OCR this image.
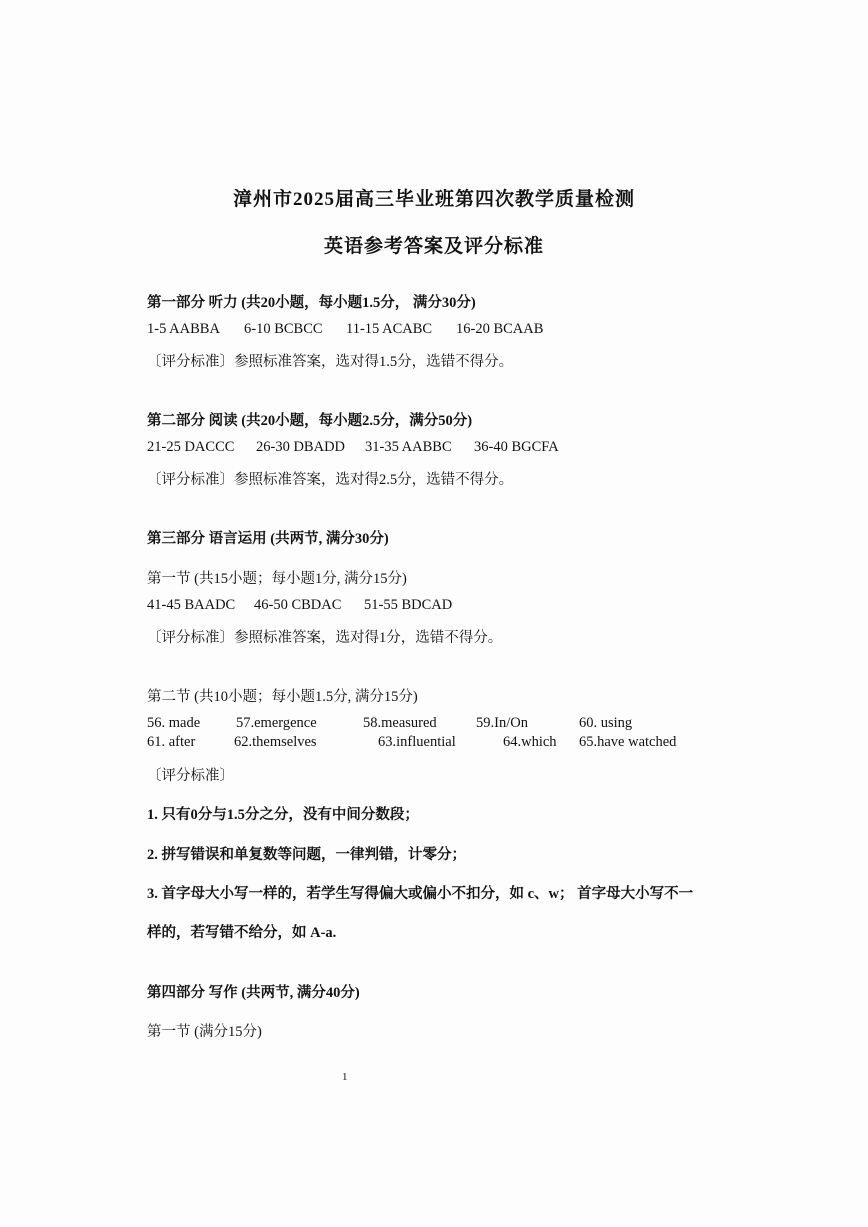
漳州市2025届高三毕业班第四次教学质量检测
英语参考答案及评分标准
第一部分 听力 (共20小题，每小题1.5分， 满分30分)
1-5 AABBA 6-10 BCBCC 11-15 ACABC 16-20 BCAAB
〔评分标准〕参照标准答案，选对得1.5分，选错不得分。
第二部分 阅读 (共20小题，每小题2.5分，满分50分)
21-25 DACCC 26-30 DBADD 31-35 AABBC 36-40 BGCFA
〔评分标准〕参照标准答案，选对得2.5分，选错不得分。
第三部分 语言运用 (共两节, 满分30分)
第一节 (共15小题；每小题1分, 满分15分)
41-45 BAADC 46-50 CBDAC 51-55 BDCAD
〔评分标准〕参照标准答案，选对得1分，选错不得分。
第二节 (共10小题；每小题1.5分, 满分15分)
56. made 57.emergence	58.measured	59.In/On	60. using
61. after	62.themselves	63.influential	64.which 65.have watched
〔评分标准〕
1. 只有0分与1.5分之分，没有中间分数段；
2. 拼写错误和单复数等问题，一律判错，计零分；
3. 首字母大小写一样的，若学生写得偏大或偏小不扣分，如 c、w； 首字母大小写不一
样的，若写错不给分，如 A-a.
第四部分 写作 (共两节, 满分40分)
第一节 (满分15分)
1
